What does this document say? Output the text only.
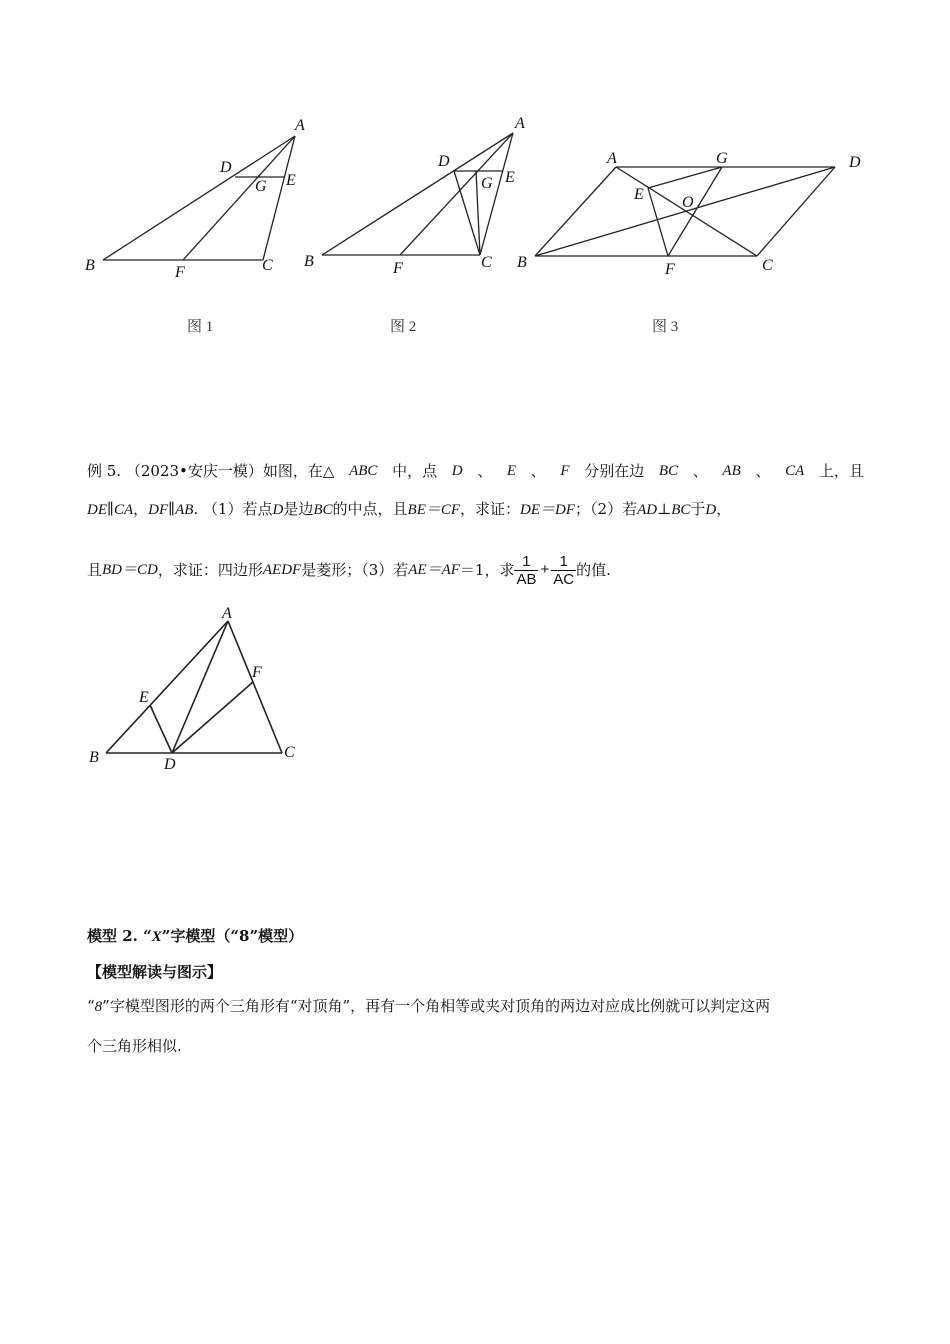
A
D
G E
B	F	C
图 1
A
D
G E
B	F	C
图 2
A	G	D
E O
B	F	C
图 3
例 5. （2023•安庆一模）如图，在△ ABC 中，点 D 、 E 、 F 分别在边 BC 、 AB 、 CA 上，且
DE∥CA，DF∥AB. （1）若点D是边BC的中点，且BE＝CF，求证：DE＝DF；（2）若AD⊥BC于D，
且 BD＝CD ，求证：四边形 AEDF 是菱形；（3）若 AE＝AF ＝1，求 $\frac{1}{AB} + \frac{1}{AC}$ 的值.
A
F
E
B	D
C
模型 2. “X”字模型（“8”模型）
【模型解读与图示】
“8”字模型图形的两个三角形有“对顶角”，再有一个角相等或夹对顶角的两边对应成比例就可以判定这两
个三角形相似.
